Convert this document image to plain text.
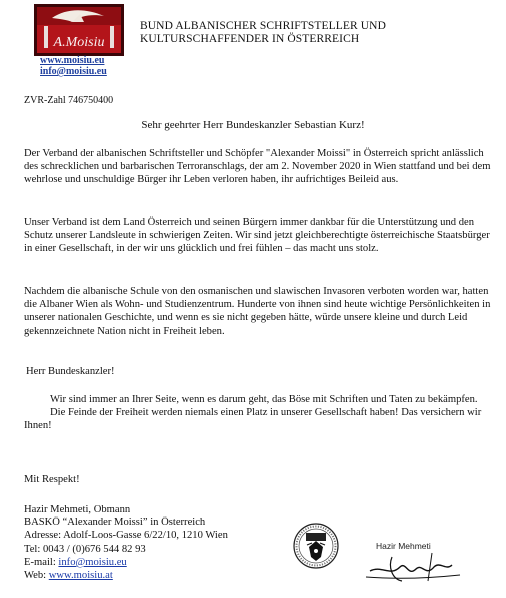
A.Moisiu
BUND ALBANISCHER SCHRIFTSTELLER UND
KULTURSCHAFFENDER IN ÖSTERREICH
www.moisiu.eu
info@moisiu.eu
ZVR-Zahl 746750400
Sehr geehrter Herr Bundeskanzler Sebastian Kurz!
Der Verband der albanischen Schriftsteller und Schöpfer "Alexander Moissi" in Österreich spricht anlässlich des schrecklichen und barbarischen Terroranschlags, der am 2. November 2020 in Wien stattfand und bei dem wehrlose und unschuldige Bürger ihr Leben verloren haben, ihr aufrichtiges Beileid aus.
Unser Verband ist dem Land Österreich und seinen Bürgern immer dankbar für die Unterstützung und den Schutz unserer Landsleute in schwierigen Zeiten. Wir sind jetzt gleichberechtigte österreichische Staatsbürger in einer Gesellschaft, in der wir uns glücklich und frei fühlen – das macht uns stolz.
Nachdem die albanische Schule von den osmanischen und slawischen Invasoren verboten worden war, hatten die Albaner Wien als Wohn- und Studienzentrum. Hunderte von ihnen sind heute wichtige Persönlichkeiten in unserer nationalen Geschichte, und wenn es sie nicht gegeben hätte, würde unsere kleine und durch Leid gekennzeichnete Nation nicht in Freiheit leben.
Herr Bundeskanzler!
Wir sind immer an Ihrer Seite, wenn es darum geht, das Böse mit Schriften und Taten zu bekämpfen.
Die Feinde der Freiheit werden niemals einen Platz in unserer Gesellschaft haben! Das versichern wir Ihnen!
Mit Respekt!
Hazir Mehmeti, Obmann
BASKÖ “Alexander Moissi” in Österreich
Adresse: Adolf-Loos-Gasse 6/22/10, 1210 Wien
Tel: 0043 / (0)676 544 82 93
E-mail: info@moisiu.eu
Web: www.moisiu.at
Hazir Mehmeti
